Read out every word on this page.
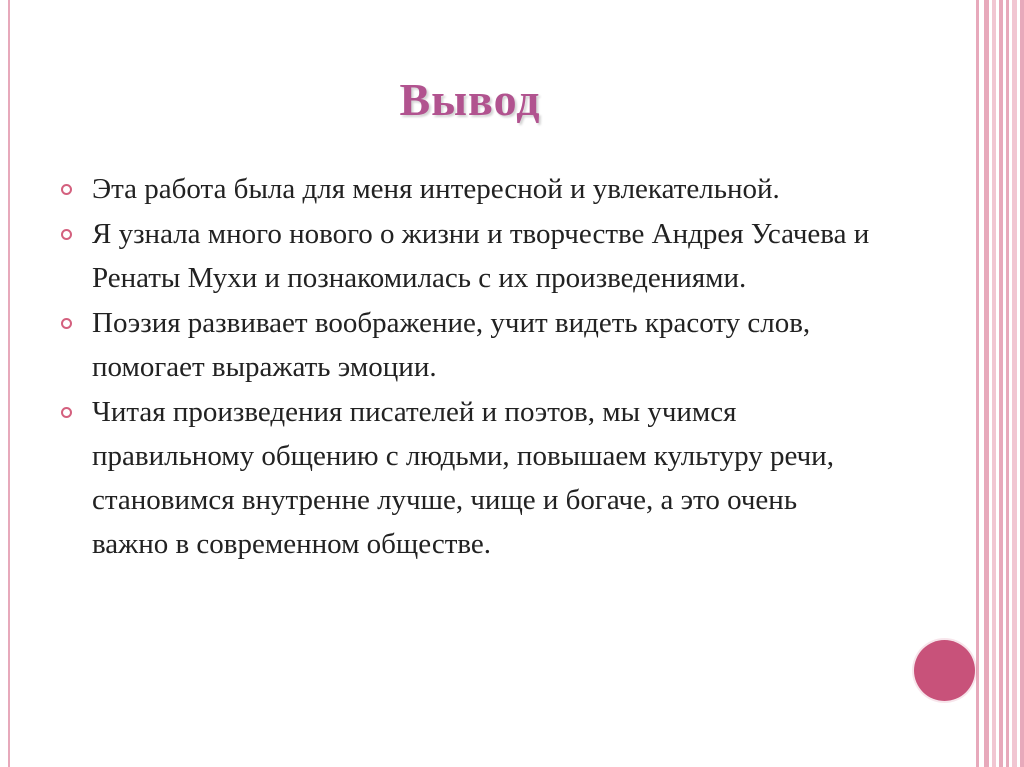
Вывод
Эта работа была для меня интересной и увлекательной.
Я узнала много нового о жизни и творчестве Андрея Усачева и Ренаты Мухи и познакомилась с их произведениями.
Поэзия развивает воображение, учит видеть красоту слов, помогает выражать эмоции.
Читая произведения писателей и поэтов, мы учимся правильному общению с людьми, повышаем культуру речи, становимся внутренне лучше, чище и богаче, а это очень важно в современном обществе.
